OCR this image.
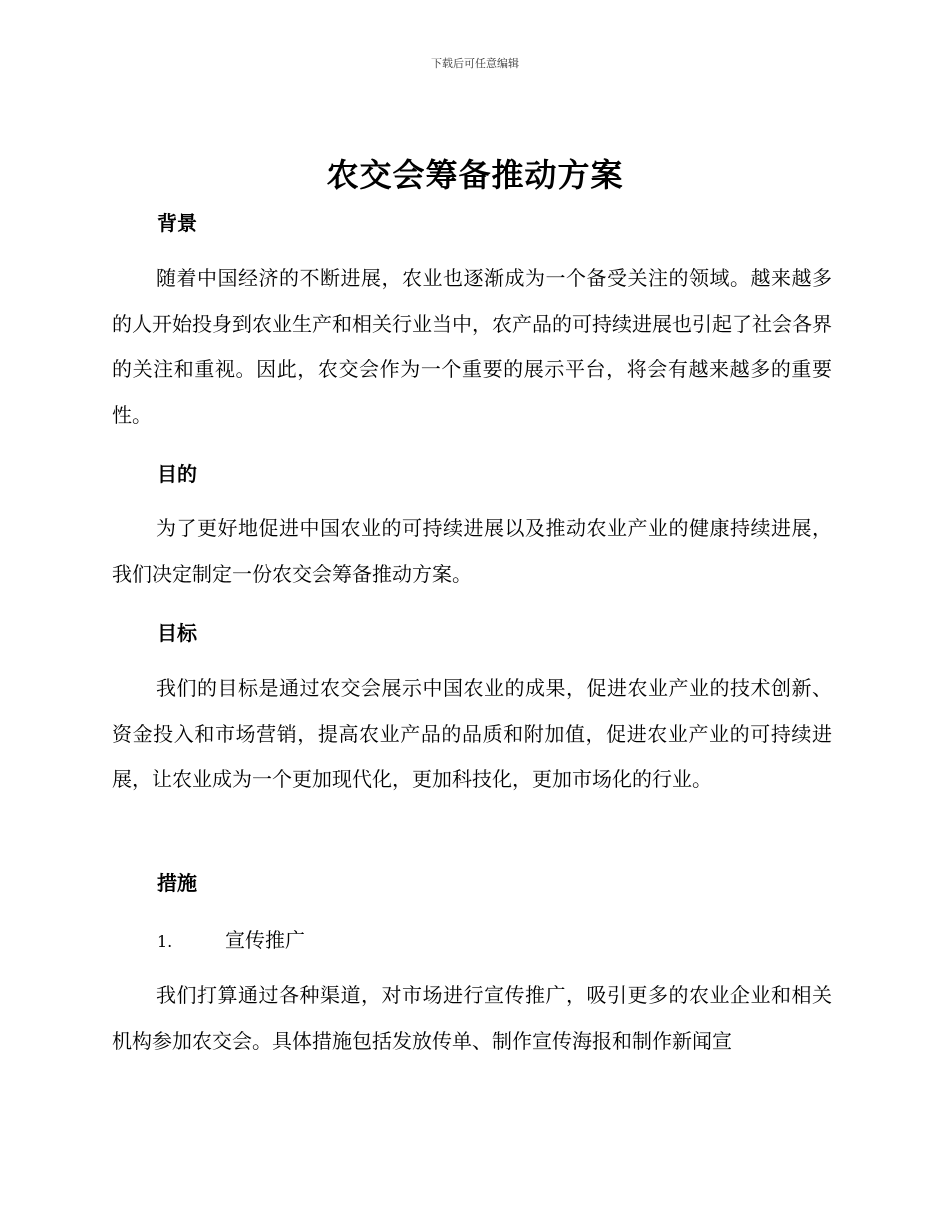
下载后可任意编辑
农交会筹备推动方案
背景
随着中国经济的不断进展，农业也逐渐成为一个备受关注的领域。越来越多的人开始投身到农业生产和相关行业当中，农产品的可持续进展也引起了社会各界的关注和重视。因此，农交会作为一个重要的展示平台，将会有越来越多的重要性。
目的
为了更好地促进中国农业的可持续进展以及推动农业产业的健康持续进展，我们决定制定一份农交会筹备推动方案。
目标
我们的目标是通过农交会展示中国农业的成果，促进农业产业的技术创新、资金投入和市场营销，提高农业产品的品质和附加值，促进农业产业的可持续进展，让农业成为一个更加现代化，更加科技化，更加市场化的行业。
措施
1.	宣传推广
我们打算通过各种渠道，对市场进行宣传推广，吸引更多的农业企业和相关机构参加农交会。具体措施包括发放传单、制作宣传海报和制作新闻宣
